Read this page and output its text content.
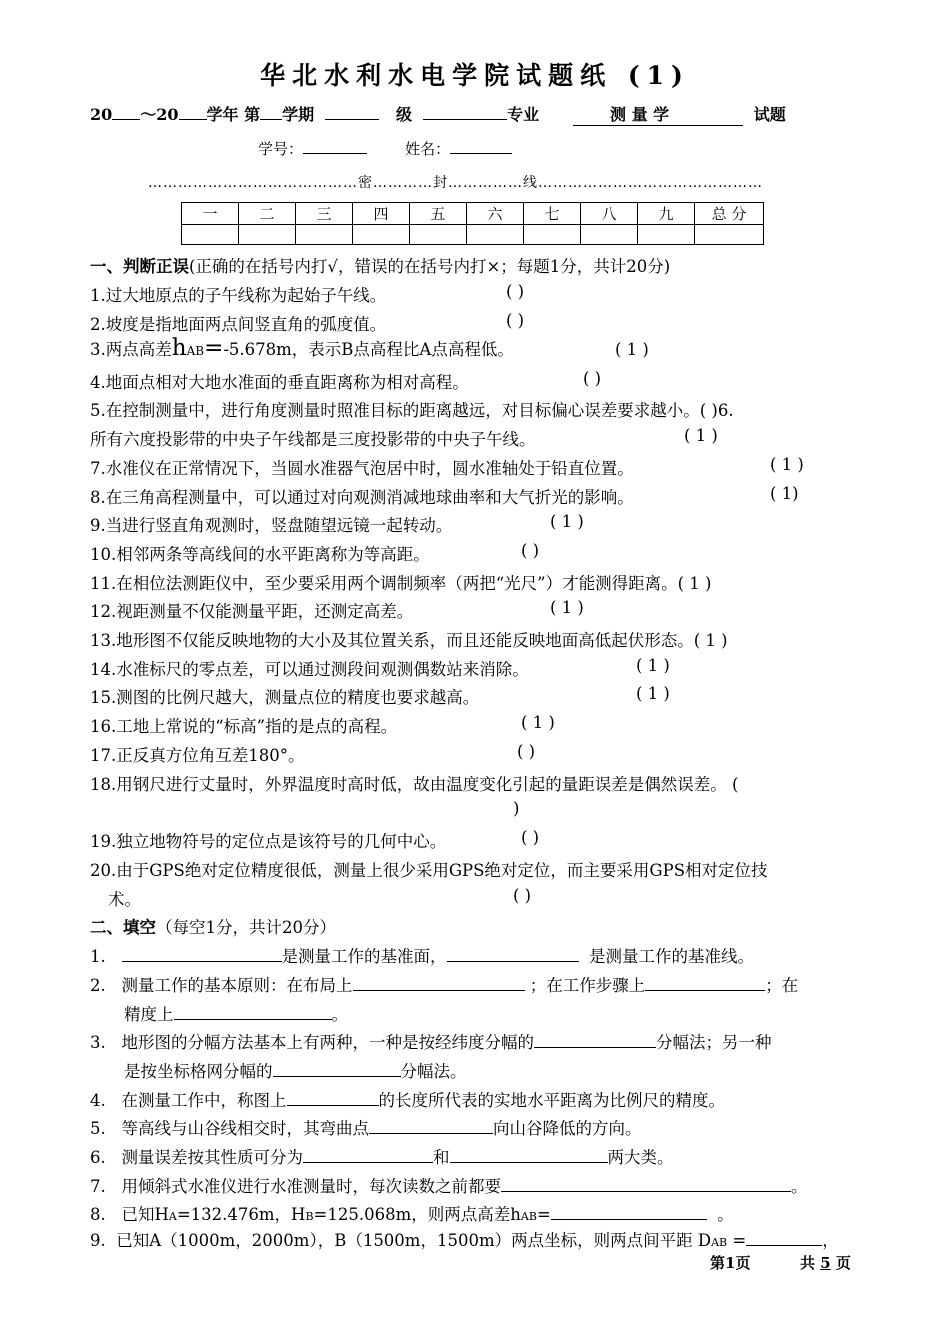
华北水利水电学院试题纸 (1)
20 ～20 学年 第 学期	级	专业	测 量 学	试题
学号：	姓名：
……………………………………密…………封……………线………………………………………
一	二	三	四	五	六	七	八	九	总 分

一、判断正误(正确的在括号内打√，错误的在括号内打×；每题1分，共计20分)
1.过大地原点的子午线称为起始子午线。	( )
2.坡度是指地面两点间竖直角的弧度值。	( )
3.两点高差hAB=-5.678m，表示B点高程比A点高程低。	( 1 )
4.地面点相对大地水准面的垂直距离称为相对高程。	( )
5.在控制测量中，进行角度测量时照准目标的距离越远，对目标偏心误差要求越小。( )6.
所有六度投影带的中央子午线都是三度投影带的中央子午线。	( 1 )
7.水准仪在正常情况下，当圆水准器气泡居中时，圆水准轴处于铅直位置。	( 1 )
8.在三角高程测量中，可以通过对向观测消减地球曲率和大气折光的影响。	( 1)
9.当进行竖直角观测时，竖盘随望远镜一起转动。	( 1 )
10.相邻两条等高线间的水平距离称为等高距。	( )
11.在相位法测距仪中，至少要采用两个调制频率（两把“光尺”）才能测得距离。( 1 )
12.视距测量不仅能测量平距，还测定高差。	( 1 )
13.地形图不仅能反映地物的大小及其位置关系，而且还能反映地面高低起伏形态。( 1 )
14.水准标尺的零点差，可以通过测段间观测偶数站来消除。	( 1 )
15.测图的比例尺越大，测量点位的精度也要求越高。	( 1 )
16.工地上常说的“标高”指的是点的高程。	( 1 )
17.正反真方位角互差180°。	( )
18.用钢尺进行丈量时，外界温度时高时低，故由温度变化引起的量距误差是偶然误差。 (
)
19.独立地物符号的定位点是该符号的几何中心。	( )
20.由于GPS绝对定位精度很低，测量上很少采用GPS绝对定位，而主要采用GPS相对定位技
术。	( )
二、填空（每空1分，共计20分）
1.	是测量工作的基准面，	是测量工作的基准线。
2. 测量工作的基本原则：在布局上	；在工作步骤上	；在
精度上	。
3. 地形图的分幅方法基本上有两种，一种是按经纬度分幅的	分幅法；另一种
是按坐标格网分幅的	分幅法。
4. 在测量工作中，称图上	的长度所代表的实地水平距离为比例尺的精度。
5. 等高线与山谷线相交时，其弯曲点	向山谷降低的方向。
6. 测量误差按其性质可分为	和	两大类。
7. 用倾斜式水准仪进行水准测量时，每次读数之前都要	。
8. 已知HA=132.476m，HB=125.068m，则两点高差hAB=	。
9. 已知A（1000m，2000m），B（1500m，1500m）两点坐标，则两点间平距 DAB =	，
第1页	共 5 页
